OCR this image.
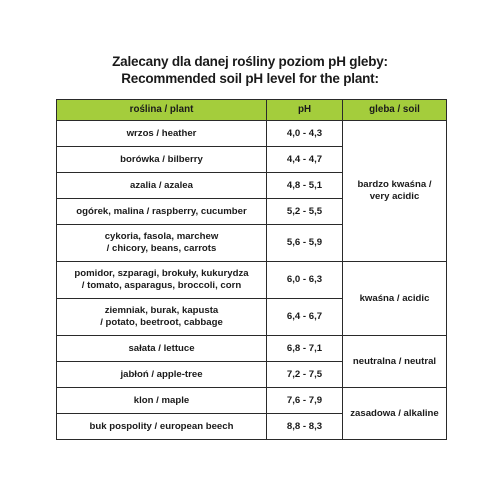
Zalecany dla danej rośliny poziom pH gleby:
Recommended soil pH level for the plant:
roślina / plant	pH	gleba / soil
wrzos / heather	4,0 - 4,3	bardzo kwaśna /
very acidic

borówka / bilberry	4,4 - 4,7	
azalia / azalea	4,8 - 5,1	
ogórek, malina / raspberry, cucumber	5,2 - 5,5	

cykoria, fasola, marchew
/ chicory, beans, carrots	5,6 - 5,9	

pomidor, szparagi, brokuły, kukurydza
/ tomato, asparagus, broccoli, corn	6,0 - 6,3	kwaśna / acidic

ziemniak, burak, kapusta
/ potato, beetroot, cabbage	6,4 - 6,7	
sałata / lettuce	6,8 - 7,1	neutralna / neutral

jabłoń / apple-tree	7,2 - 7,5	
klon / maple	7,6 - 7,9	zasadowa / alkaline

buk pospolity / european beech	8,8 - 8,3	
